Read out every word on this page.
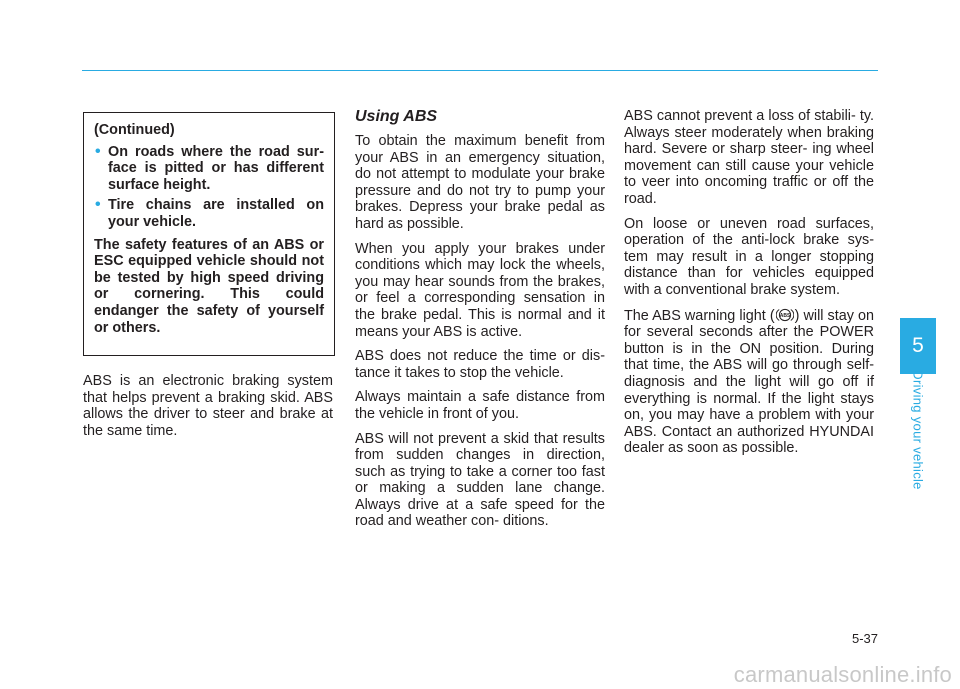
(Continued)

• On roads where the road sur- face is pitted or has different surface height.
• Tire chains are installed on your vehicle.

The safety features of an ABS or ESC equipped vehicle should not be tested by high speed driving or cornering. This could endanger the safety of yourself or others.

ABS is an electronic braking system that helps prevent a braking skid. ABS allows the driver to steer and brake at the same time.

Using ABS

To obtain the maximum benefit from your ABS in an emergency situation, do not attempt to modulate your brake pressure and do not try to pump your brakes. Depress your brake pedal as hard as possible.

When you apply your brakes under conditions which may lock the wheels, you may hear sounds from the brakes, or feel a corresponding sensation in the brake pedal. This is normal and it means your ABS is active.

ABS does not reduce the time or dis- tance it takes to stop the vehicle.

Always maintain a safe distance from the vehicle in front of you.

ABS will not prevent a skid that results from sudden changes in direction, such as trying to take a corner too fast or making a sudden lane change. Always drive at a safe speed for the road and weather con- ditions.

ABS cannot prevent a loss of stabili- ty. Always steer moderately when braking hard. Severe or sharp steer- ing wheel movement can still cause your vehicle to veer into oncoming traffic or off the road.

On loose or uneven road surfaces, operation of the anti-lock brake sys- tem may result in a longer stopping distance than for vehicles equipped with a conventional brake system.

The ABS warning light ( ABS ) will stay on for several seconds after the POWER button is in the ON position. During that time, the ABS will go through self-diagnosis and the light will go off if everything is normal. If the light stays on, you may have a problem with your ABS. Contact an authorized HYUNDAI dealer as soon as possible.

5
Driving your vehicle
5-37
carmanualsonline.info
